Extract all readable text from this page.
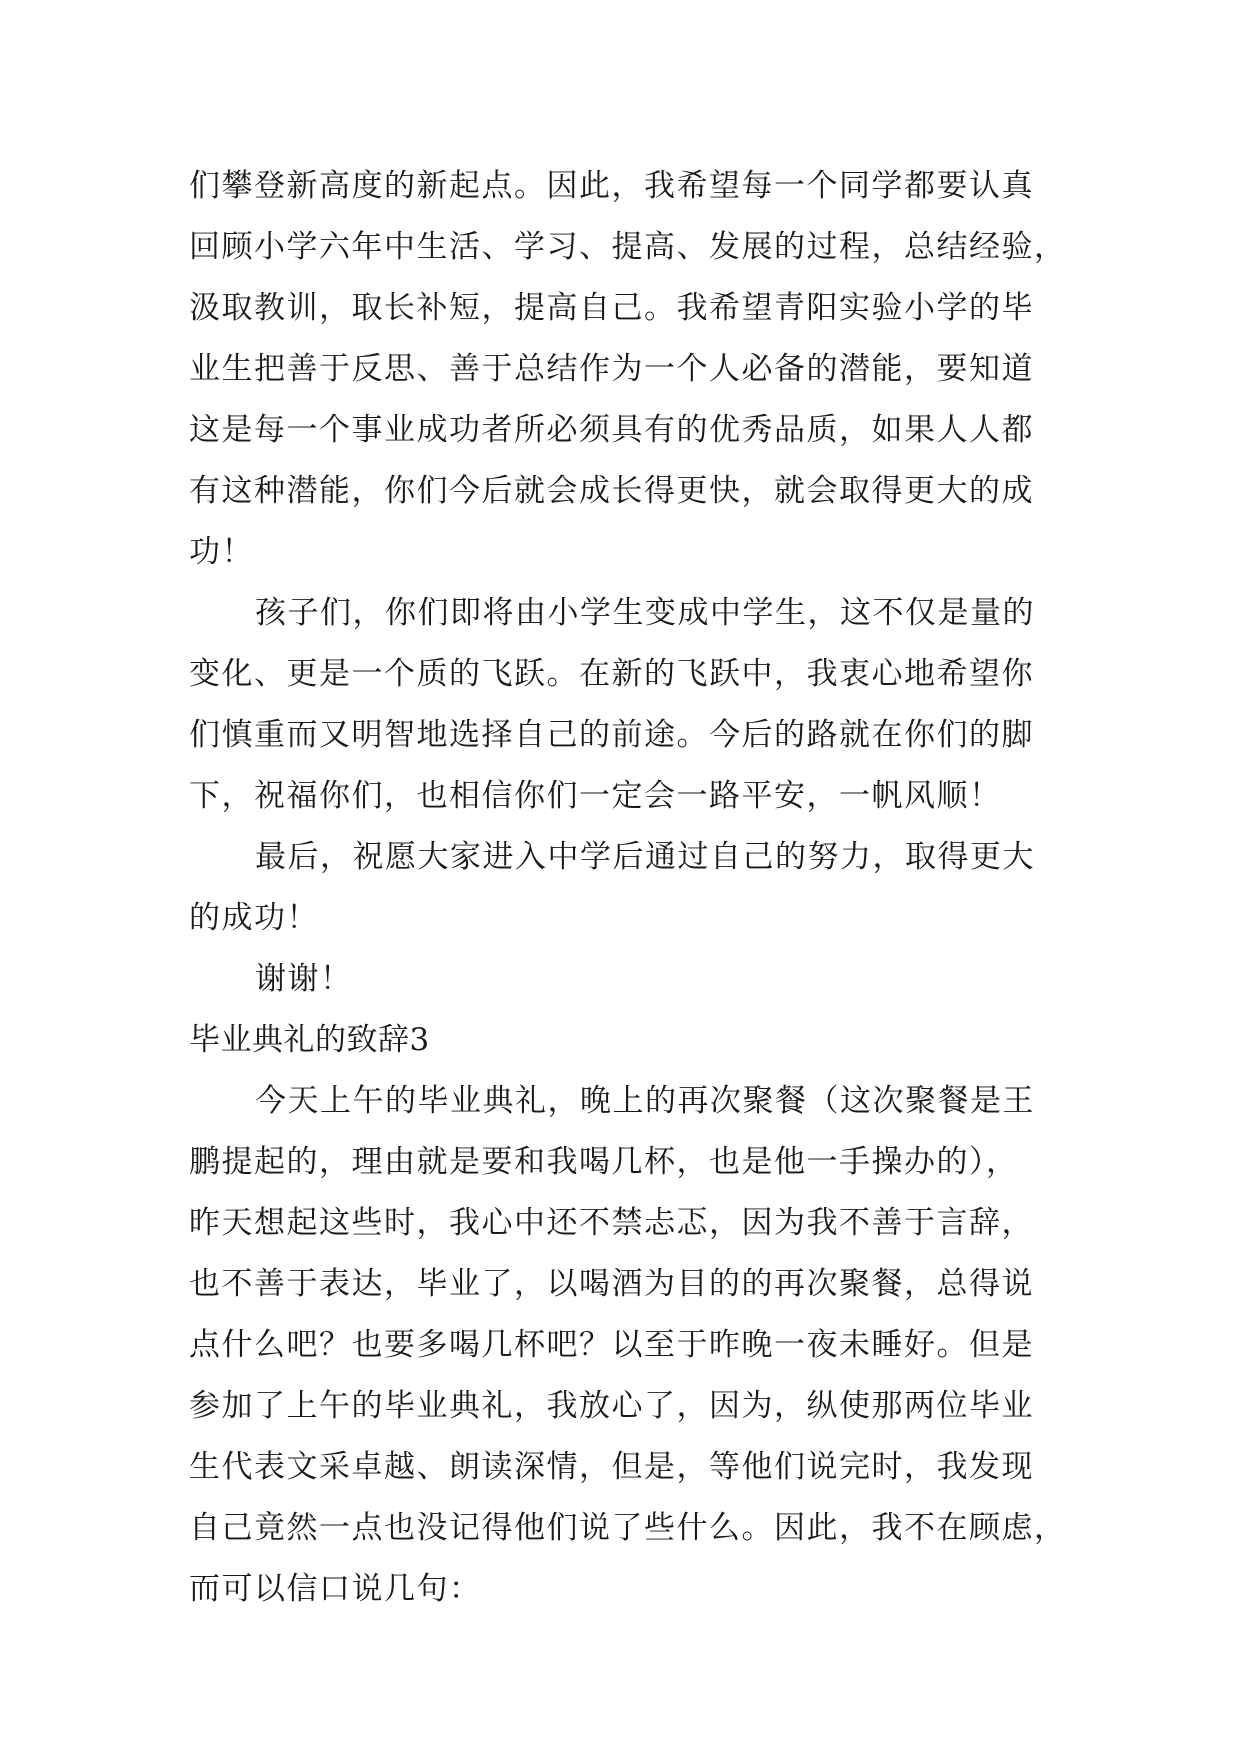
们攀登新高度的新起点。因此，我希望每一个同学都要认真
回顾小学六年中生活、学习、提高、发展的过程，总结经验，
汲取教训，取长补短，提高自己。我希望青阳实验小学的毕
业生把善于反思、善于总结作为一个人必备的潜能，要知道
这是每一个事业成功者所必须具有的优秀品质，如果人人都
有这种潜能，你们今后就会成长得更快，就会取得更大的成
功！
孩子们，你们即将由小学生变成中学生，这不仅是量的
变化、更是一个质的飞跃。在新的飞跃中，我衷心地希望你
们慎重而又明智地选择自己的前途。今后的路就在你们的脚
下，祝福你们，也相信你们一定会一路平安，一帆风顺！
最后，祝愿大家进入中学后通过自己的努力，取得更大
的成功！
谢谢！
毕业典礼的致辞3
今天上午的毕业典礼，晚上的再次聚餐（这次聚餐是王
鹏提起的，理由就是要和我喝几杯，也是他一手操办的），
昨天想起这些时，我心中还不禁忐忑，因为我不善于言辞，
也不善于表达，毕业了，以喝酒为目的的再次聚餐，总得说
点什么吧？也要多喝几杯吧？以至于昨晚一夜未睡好。但是
参加了上午的毕业典礼，我放心了，因为，纵使那两位毕业
生代表文采卓越、朗读深情，但是，等他们说完时，我发现
自己竟然一点也没记得他们说了些什么。因此，我不在顾虑，
而可以信口说几句：
